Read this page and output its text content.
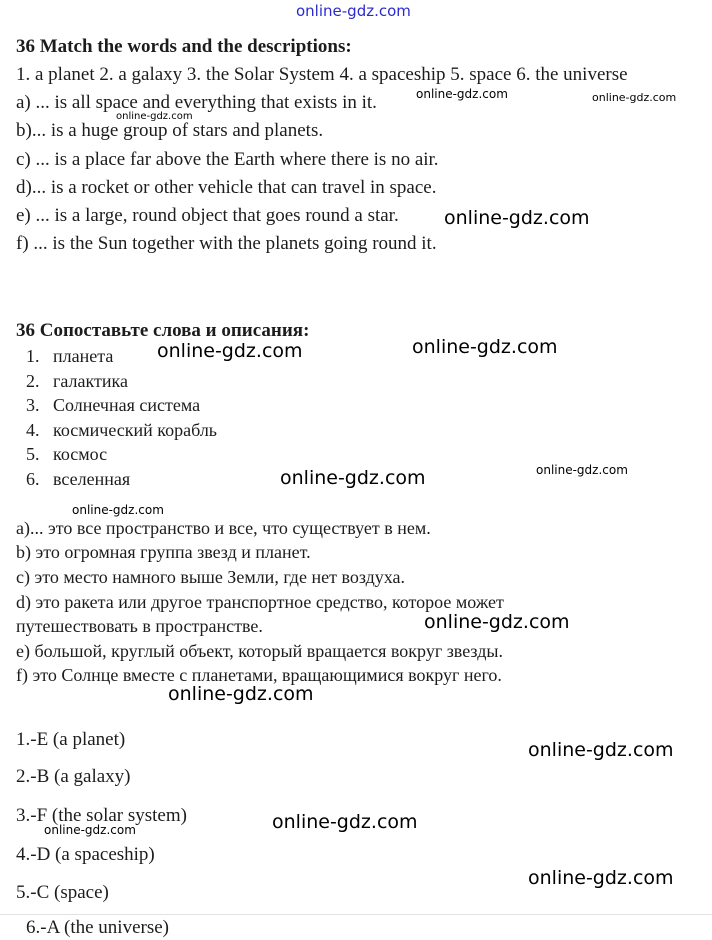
online-gdz.com
36 Match the words and the descriptions:
1. a planet 2. a galaxy 3. the Solar System 4. a spaceship 5. space 6. the universe
a) ... is all space and everything that exists in it.
b)... is a huge group of stars and planets.
c) ... is a place far above the Earth where there is no air.
d)... is a rocket or other vehicle that can travel in space.
e) ... is a large, round object that goes round a star.
f) ... is the Sun together with the planets going round it.
36 Сопоставьте слова и описания:
1. планета
2. галактика
3. Солнечная система
4. космический корабль
5. космос
6. вселенная
a)... это все пространство и все, что существует в нем.
b) это огромная группа звезд и планет.
c) это место намного выше Земли, где нет воздуха.
d) это ракета или другое транспортное средство, которое может
путешествовать в пространстве.
e) большой, круглый объект, который вращается вокруг звезды.
f) это Солнце вместе с планетами, вращающимися вокруг него.
1.-E (a planet)
2.-B (a galaxy)
3.-F (the solar system)
4.-D (a spaceship)
5.-C (space)
6.-A (the universe)
online-gdz.com	online-gdz.com
online-gdz.com
online-gdz.com
online-gdz.com	online-gdz.com
online-gdz.com	online-gdz.com
online-gdz.com
online-gdz.com
online-gdz.com
online-gdz.com
online-gdz.com
online-gdz.com
online-gdz.com
